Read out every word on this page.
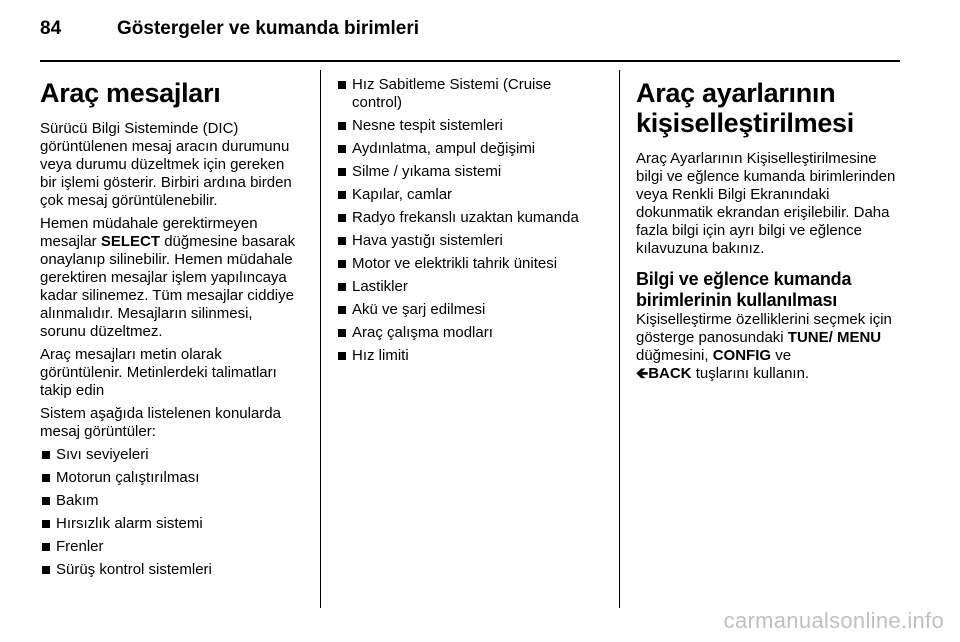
84	Göstergeler ve kumanda birimleri
Araç mesajları

Sürücü Bilgi Sisteminde (DIC) görüntülenen mesaj aracın durumunu veya durumu düzeltmek için gereken bir işlemi gösterir. Birbiri ardına birden çok mesaj görüntülenebilir.

Hemen müdahale gerektirmeyen mesajlar SELECT düğmesine basarak onaylanıp silinebilir. Hemen müdahale gerektiren mesajlar işlem yapılıncaya kadar silinemez. Tüm mesajlar ciddiye alınmalıdır. Mesajların silinmesi, sorunu düzeltmez.

Araç mesajları metin olarak görüntülenir. Metinlerdeki talimatları takip edin

Sistem aşağıda listelenen konularda mesaj görüntüler:

Sıvı seviyeleri
Motorun çalıştırılması
Bakım
Hırsızlık alarm sistemi
Frenler
Sürüş kontrol sistemleri
Hız Sabitleme Sistemi (Cruise control)
Nesne tespit sistemleri
Aydınlatma, ampul değişimi
Silme / yıkama sistemi
Kapılar, camlar
Radyo frekanslı uzaktan kumanda
Hava yastığı sistemleri
Motor ve elektrikli tahrik ünitesi
Lastikler
Akü ve şarj edilmesi
Araç çalışma modları
Hız limiti
Araç ayarlarının kişiselleştirilmesi

Araç Ayarlarının Kişiselleştirilmesine bilgi ve eğlence kumanda birimlerinden veya Renkli Bilgi Ekranındaki dokunmatik ekrandan erişilebilir. Daha fazla bilgi için ayrı bilgi ve eğlence kılavuzuna bakınız.

Bilgi ve eğlence kumanda birimlerinin kullanılması

Kişiselleştirme özelliklerini seçmek için gösterge panosundaki TUNE/ MENU düğmesini, CONFIG ve
🡸BACK tuşlarını kullanın.

carmanualsonline.info
